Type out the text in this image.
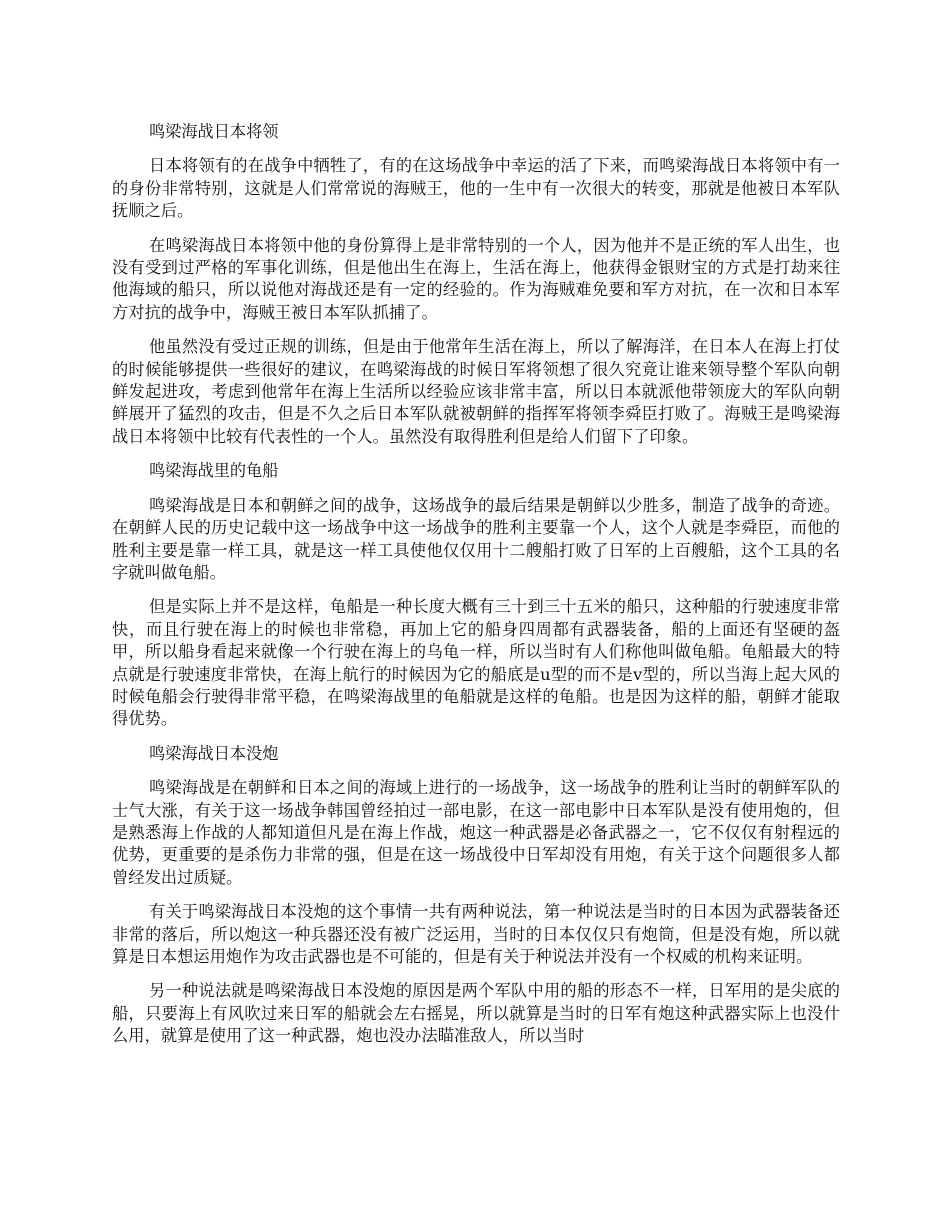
鸣梁海战日本将领

日本将领有的在战争中牺牲了，有的在这场战争中幸运的活了下来，而鸣梁海战日本将领中有一的身份非常特别，这就是人们常常说的海贼王，他的一生中有一次很大的转变，那就是他被日本军队抚顺之后。

在鸣梁海战日本将领中他的身份算得上是非常特别的一个人，因为他并不是正统的军人出生，也没有受到过严格的军事化训练，但是他出生在海上，生活在海上，他获得金银财宝的方式是打劫来往他海域的船只，所以说他对海战还是有一定的经验的。作为海贼难免要和军方对抗，在一次和日本军方对抗的战争中，海贼王被日本军队抓捕了。

他虽然没有受过正规的训练，但是由于他常年生活在海上，所以了解海洋，在日本人在海上打仗的时候能够提供一些很好的建议，在鸣梁海战的时候日军将领想了很久究竟让谁来领导整个军队向朝鲜发起进攻，考虑到他常年在海上生活所以经验应该非常丰富，所以日本就派他带领庞大的军队向朝鲜展开了猛烈的攻击，但是不久之后日本军队就被朝鲜的指挥军将领李舜臣打败了。海贼王是鸣梁海战日本将领中比较有代表性的一个人。虽然没有取得胜利但是给人们留下了印象。

鸣梁海战里的龟船

鸣梁海战是日本和朝鲜之间的战争，这场战争的最后结果是朝鲜以少胜多，制造了战争的奇迹。在朝鲜人民的历史记载中这一场战争中这一场战争的胜利主要靠一个人，这个人就是李舜臣，而他的胜利主要是靠一样工具，就是这一样工具使他仅仅用十二艘船打败了日军的上百艘船，这个工具的名字就叫做龟船。

但是实际上并不是这样，龟船是一种长度大概有三十到三十五米的船只，这种船的行驶速度非常快，而且行驶在海上的时候也非常稳，再加上它的船身四周都有武器装备，船的上面还有坚硬的盔甲，所以船身看起来就像一个行驶在海上的乌龟一样，所以当时有人们称他叫做龟船。龟船最大的特点就是行驶速度非常快，在海上航行的时候因为它的船底是u型的而不是v型的，所以当海上起大风的时候龟船会行驶得非常平稳，在鸣梁海战里的龟船就是这样的龟船。也是因为这样的船，朝鲜才能取得优势。

鸣梁海战日本没炮

鸣梁海战是在朝鲜和日本之间的海域上进行的一场战争，这一场战争的胜利让当时的朝鲜军队的士气大涨，有关于这一场战争韩国曾经拍过一部电影，在这一部电影中日本军队是没有使用炮的，但是熟悉海上作战的人都知道但凡是在海上作战，炮这一种武器是必备武器之一，它不仅仅有射程远的优势，更重要的是杀伤力非常的强，但是在这一场战役中日军却没有用炮，有关于这个问题很多人都曾经发出过质疑。

有关于鸣梁海战日本没炮的这个事情一共有两种说法，第一种说法是当时的日本因为武器装备还非常的落后，所以炮这一种兵器还没有被广泛运用，当时的日本仅仅只有炮筒，但是没有炮，所以就算是日本想运用炮作为攻击武器也是不可能的，但是有关于种说法并没有一个权威的机构来证明。

另一种说法就是鸣梁海战日本没炮的原因是两个军队中用的船的形态不一样，日军用的是尖底的船，只要海上有风吹过来日军的船就会左右摇晃，所以就算是当时的日军有炮这种武器实际上也没什么用，就算是使用了这一种武器，炮也没办法瞄准敌人，所以当时
